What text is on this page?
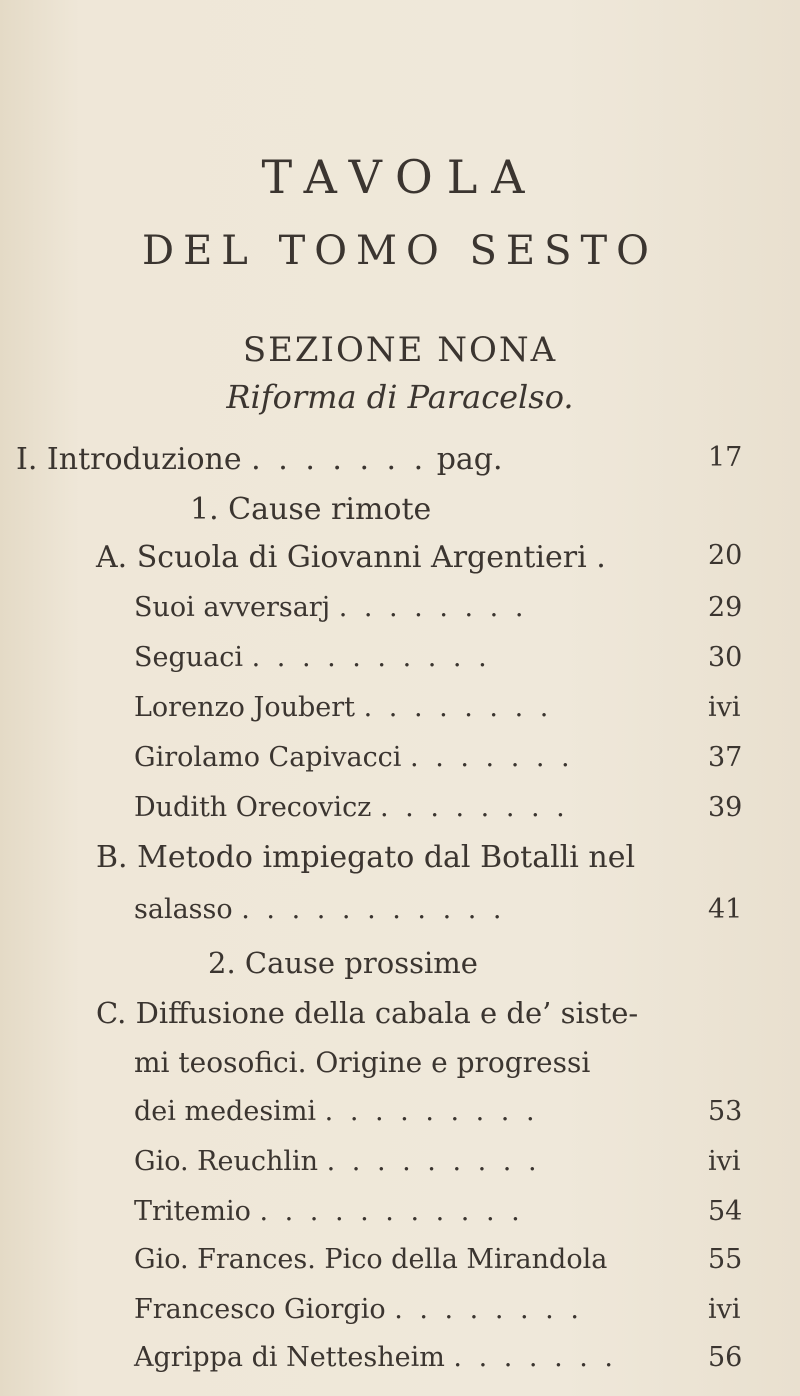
TAVOLA
DEL TOMO SESTO
SEZIONE NONA
Riforma di Paracelso.
I. Introduzione . . . . . . . pag.	17
1. Cause rimote
A. Scuola di Giovanni Argentieri .	20
Suoi avversarj . . . . . . . .	29
Seguaci . . . . . . . . . .	30
Lorenzo Joubert . . . . . . . .	ivi
Girolamo Capivacci . . . . . . .	37
Dudith Orecovicz . . . . . . . .	39
B. Metodo impiegato dal Botalli nel
salasso . . . . . . . . . . .	41
2. Cause prossime
C. Diffusione della cabala e de’ siste-
mi teosofici. Origine e progressi
dei medesimi . . . . . . . . .	53
Gio. Reuchlin . . . . . . . . .	ivi
Tritemio . . . . . . . . . . .	54
Gio. Frances. Pico della Mirandola	55
Francesco Giorgio . . . . . . . .	ivi
Agrippa di Nettesheim . . . . . . .	56
